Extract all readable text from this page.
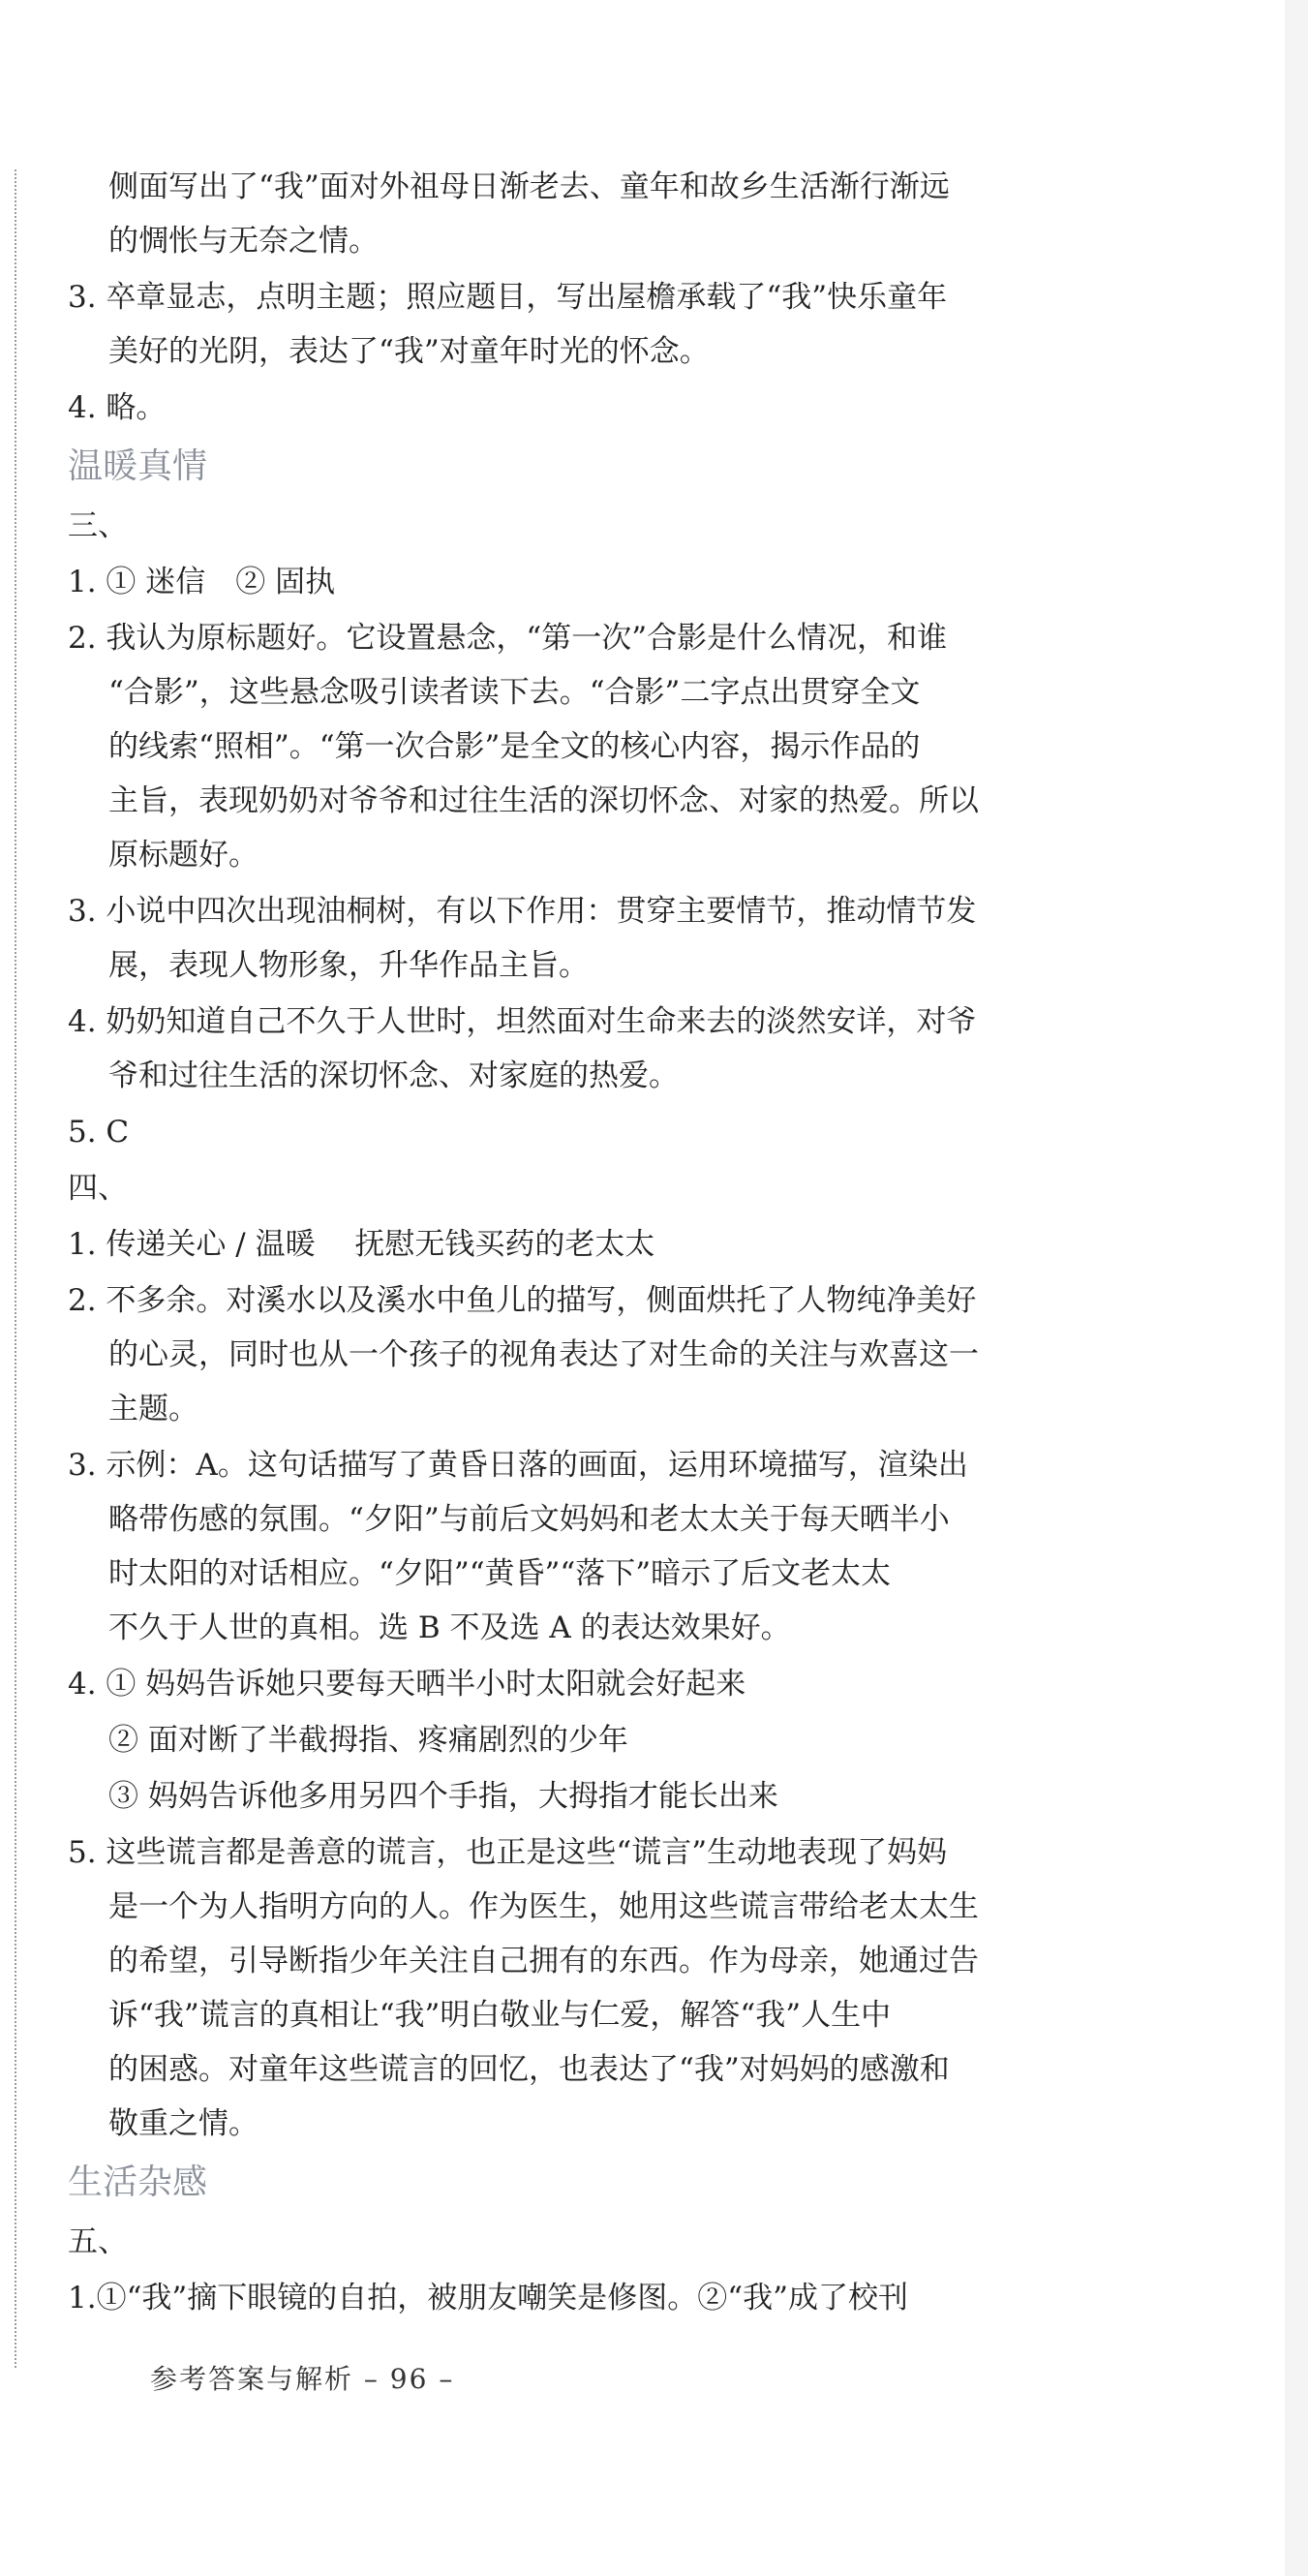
侧面写出了“我”面对外祖母日渐老去、童年和故乡生活渐行渐远
的惆怅与无奈之情。
3. 卒章显志，点明主题；照应题目，写出屋檐承载了“我”快乐童年
美好的光阴，表达了“我”对童年时光的怀念。
4. 略。
温暖真情
三、
1. ① 迷信　② 固执
2. 我认为原标题好。它设置悬念，“第一次”合影是什么情况，和谁
“合影”，这些悬念吸引读者读下去。“合影”二字点出贯穿全文
的线索“照相”。“第一次合影”是全文的核心内容，揭示作品的
主旨，表现奶奶对爷爷和过往生活的深切怀念、对家的热爱。所以
原标题好。
3. 小说中四次出现油桐树，有以下作用：贯穿主要情节，推动情节发
展，表现人物形象，升华作品主旨。
4. 奶奶知道自己不久于人世时，坦然面对生命来去的淡然安详，对爷
爷和过往生活的深切怀念、对家庭的热爱。
5. C
四、
1. 传递关心 / 温暖　 抚慰无钱买药的老太太
2. 不多余。对溪水以及溪水中鱼儿的描写，侧面烘托了人物纯净美好
的心灵，同时也从一个孩子的视角表达了对生命的关注与欢喜这一
主题。
3. 示例：A。这句话描写了黄昏日落的画面，运用环境描写，渲染出
略带伤感的氛围。“夕阳”与前后文妈妈和老太太关于每天晒半小
时太阳的对话相应。“夕阳”“黄昏”“落下”暗示了后文老太太
不久于人世的真相。选 B 不及选 A 的表达效果好。
4. ① 妈妈告诉她只要每天晒半小时太阳就会好起来
② 面对断了半截拇指、疼痛剧烈的少年
③ 妈妈告诉他多用另四个手指，大拇指才能长出来
5. 这些谎言都是善意的谎言，也正是这些“谎言”生动地表现了妈妈
是一个为人指明方向的人。作为医生，她用这些谎言带给老太太生
的希望，引导断指少年关注自己拥有的东西。作为母亲，她通过告
诉“我”谎言的真相让“我”明白敬业与仁爱，解答“我”人生中
的困惑。对童年这些谎言的回忆，也表达了“我”对妈妈的感激和
敬重之情。
生活杂感
五、
1.①“我”摘下眼镜的自拍，被朋友嘲笑是修图。②“我”成了校刊
参考答案与解析 – 96 –
